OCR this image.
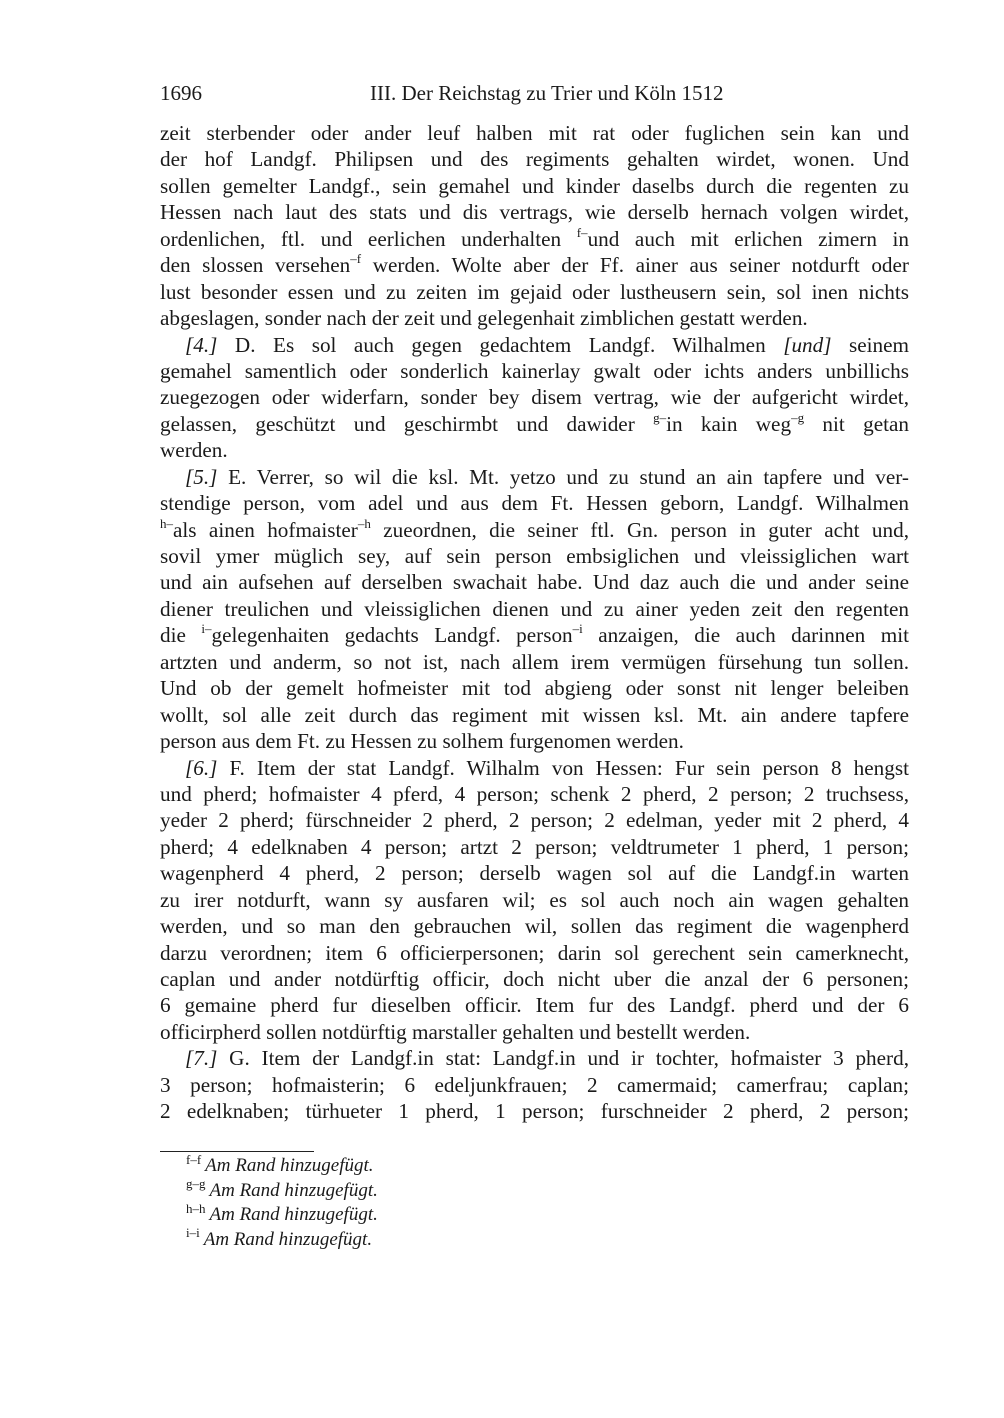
1696	III. Der Reichstag zu Trier und Köln 1512
zeit sterbender oder ander leuf halben mit rat oder fuglichen sein kan und
der hof Landgf. Philipsen und des regiments gehalten wirdet, wonen. Und
sollen gemelter Landgf., sein gemahel und kinder daselbs durch die regenten zu
Hessen nach laut des stats und dis vertrags, wie derselb hernach volgen wirdet,
ordenlichen, ftl. und eerlichen underhalten $^{f-}$und auch mit erlichen zimern in
den slossen versehen$^{-f}$ werden. Wolte aber der Ff. ainer aus seiner notdurft oder
lust besonder essen und zu zeiten im gejaid oder lustheusern sein, sol inen nichts
abgeslagen, sonder nach der zeit und gelegenhait zimblichen gestatt werden.
[4.] D. Es sol auch gegen gedachtem Landgf. Wilhalmen [und] seinem
gemahel samentlich oder sonderlich kainerlay gwalt oder ichts anders unbillichs
zuegezogen oder widerfarn, sonder bey disem vertrag, wie der aufgericht wirdet,
gelassen, geschützt und geschirmbt und dawider $^{g-}$in kain weg$^{-g}$ nit getan
werden.
[5.] E. Verrer, so wil die ksl. Mt. yetzo und zu stund an ain tapfere und ver-
stendige person, vom adel und aus dem Ft. Hessen geborn, Landgf. Wilhalmen
$^{h-}$als ainen hofmaister$^{-h}$ zueordnen, die seiner ftl. Gn. person in guter acht und,
sovil ymer müglich sey, auf sein person embsiglichen und vleissiglichen wart
und ain aufsehen auf derselben swachait habe. Und daz auch die und ander seine
diener treulichen und vleissiglichen dienen und zu ainer yeden zeit den regenten
die $^{i-}$gelegenhaiten gedachts Landgf. person$^{-i}$ anzaigen, die auch darinnen mit
artzten und anderm, so not ist, nach allem irem vermügen fürsehung tun sollen.
Und ob der gemelt hofmeister mit tod abgieng oder sonst nit lenger beleiben
wollt, sol alle zeit durch das regiment mit wissen ksl. Mt. ain andere tapfere
person aus dem Ft. zu Hessen zu solhem furgenomen werden.
[6.] F. Item der stat Landgf. Wilhalm von Hessen: Fur sein person 8 hengst
und pherd; hofmaister 4 pferd, 4 person; schenk 2 pherd, 2 person; 2 truchsess,
yeder 2 pherd; fürschneider 2 pherd, 2 person; 2 edelman, yeder mit 2 pherd, 4
pherd; 4 edelknaben 4 person; artzt 2 person; veldtrumeter 1 pherd, 1 person;
wagenpherd 4 pherd, 2 person; derselb wagen sol auf die Landgf.in warten
zu irer notdurft, wann sy ausfaren wil; es sol auch noch ain wagen gehalten
werden, und so man den gebrauchen wil, sollen das regiment die wagenpherd
darzu verordnen; item 6 officierpersonen; darin sol gerechent sein camerknecht,
caplan und ander notdürftig officir, doch nicht uber die anzal der 6 personen;
6 gemaine pherd fur dieselben officir. Item fur des Landgf. pherd und der 6
officirpherd sollen notdürftig marstaller gehalten und bestellt werden.
[7.] G. Item der Landgf.in stat: Landgf.in und ir tochter, hofmaister 3 pherd,
3 person; hofmaisterin; 6 edeljunkfrauen; 2 camermaid; camerfrau; caplan;
2 edelknaben; türhueter 1 pherd, 1 person; furschneider 2 pherd, 2 person;
$^{f-f}$ Am Rand hinzugefügt.
$^{g-g}$ Am Rand hinzugefügt.
$^{h-h}$ Am Rand hinzugefügt.
$^{i-i}$ Am Rand hinzugefügt.
